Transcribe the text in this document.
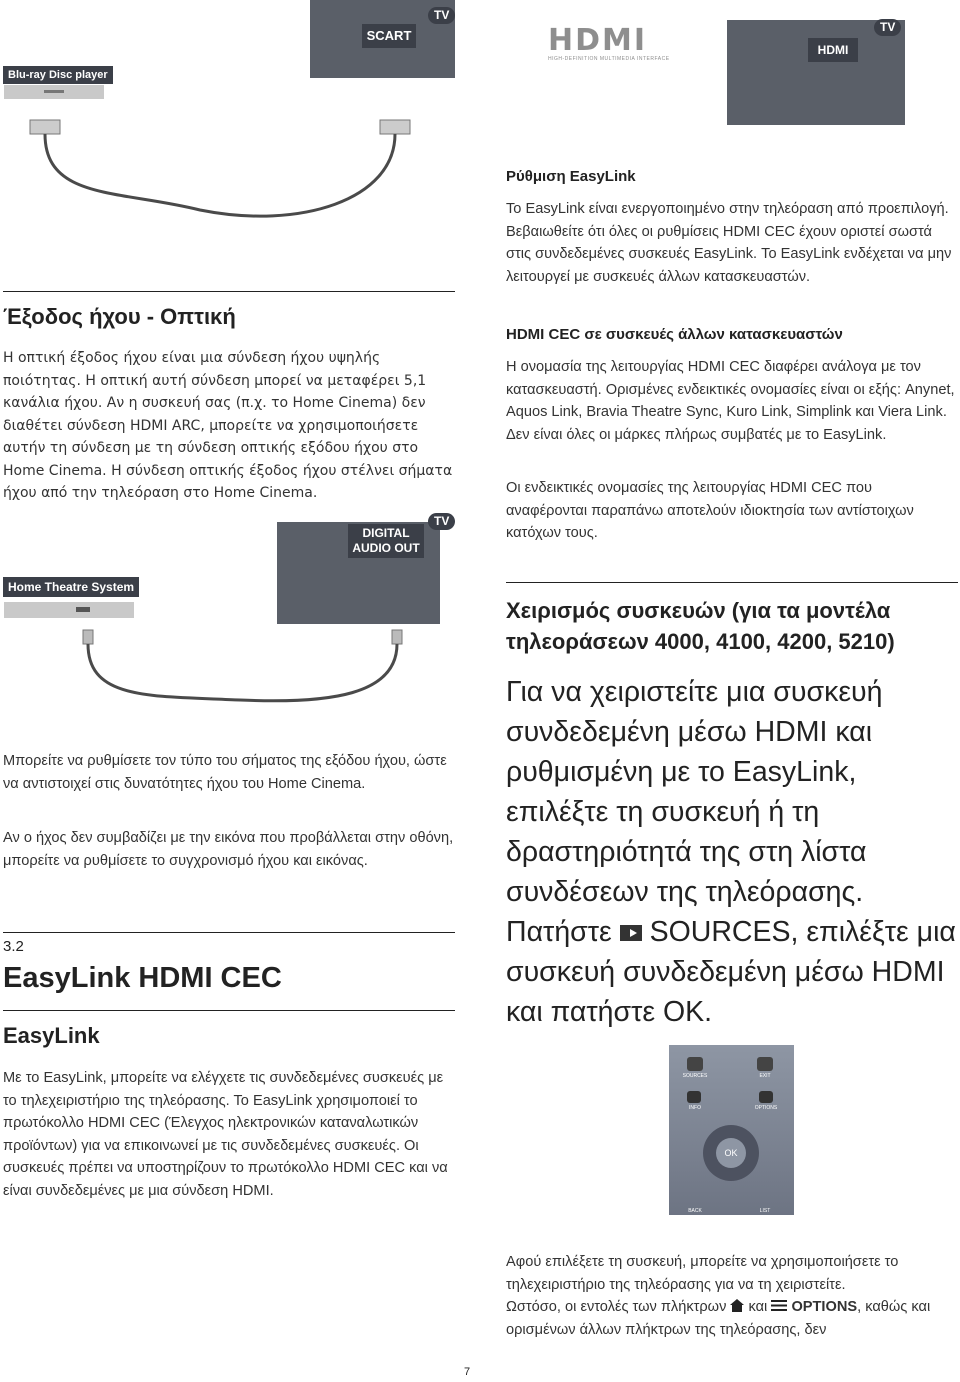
TV
SCART
Blu-ray Disc player
HDMI
HIGH-DEFINITION MULTIMEDIA INTERFACE
TV
HDMI
TV
DIGITAL
AUDIO OUT
Home Theatre System
Έξοδος ήχου - Οπτική

Η οπτική έξοδος ήχου είναι μια σύνδεση ήχου υψηλής ποιότητας. Η οπτική αυτή σύνδεση μπορεί να μεταφέρει 5,1 κανάλια ήχου. Αν η συσκευή σας (π.χ. το Home Cinema) δεν διαθέτει σύνδεση HDMI ARC, μπορείτε να χρησιμοποιήσετε αυτήν τη σύνδεση με τη σύνδεση οπτικής εξόδου ήχου στο Home Cinema. Η σύνδεση οπτικής έξοδος ήχου στέλνει σήματα ήχου από την τηλεόραση στο Home Cinema.

Μπορείτε να ρυθμίσετε τον τύπο του σήματος της εξόδου ήχου, ώστε να αντιστοιχεί στις δυνατότητες ήχου του Home Cinema.

Αν ο ήχος δεν συμβαδίζει με την εικόνα που προβάλλεται στην οθόνη, μπορείτε να ρυθμίσετε το συγχρονισμό ήχου και εικόνας.

3.2
EasyLink HDMI CEC
EasyLink

Με το EasyLink, μπορείτε να ελέγχετε τις συνδεδεμένες συσκευές με το τηλεχειριστήριο της τηλεόρασης. Το EasyLink χρησιμοποιεί το πρωτόκολλο HDMI CEC (Έλεγχος ηλεκτρονικών καταναλωτικών προϊόντων) για να επικοινωνεί με τις συνδεδεμένες συσκευές. Οι συσκευές πρέπει να υποστηρίζουν το πρωτόκολλο HDMI CEC και να είναι συνδεδεμένες με μια σύνδεση HDMI.

Ρύθμιση EasyLink

Το EasyLink είναι ενεργοποιημένο στην τηλεόραση από προεπιλογή. Βεβαιωθείτε ότι όλες οι ρυθμίσεις HDMI CEC έχουν οριστεί σωστά στις συνδεδεμένες συσκευές EasyLink. Το EasyLink ενδέχεται να μην λειτουργεί με συσκευές άλλων κατασκευαστών.

HDMI CEC σε συσκευές άλλων κατασκευαστών

Η ονομασία της λειτουργίας HDMI CEC διαφέρει ανάλογα με τον κατασκευαστή. Ορισμένες ενδεικτικές ονομασίες είναι οι εξής: Anynet, Aquos Link, Bravia Theatre Sync, Kuro Link, Simplink και Viera Link. Δεν είναι όλες οι μάρκες πλήρως συμβατές με το EasyLink.

Οι ενδεικτικές ονομασίες της λειτουργίας HDMI CEC που αναφέρονται παραπάνω αποτελούν ιδιοκτησία των αντίστοιχων κατόχων τους.

Χειρισμός συσκευών (για τα μοντέλα
τηλεοράσεων 4000, 4100, 4200, 5210)

Για να χειριστείτε μια συσκευή συνδεδεμένη μέσω HDMI και ρυθμισμένη με το EasyLink, επιλέξτε τη συσκευή ή τη δραστηριότητά της στη λίστα συνδέσεων της τηλεόρασης.

Πατήστε SOURCES, επιλέξτε μια συσκευή συνδεδεμένη μέσω HDMI και πατήστε OK.

SOURCES	EXIT
INFO	OPTIONS
OK
BACK	LIST

Αφού επιλέξετε τη συσκευή, μπορείτε να χρησιμοποιήσετε το τηλεχειριστήριο της τηλεόρασης για να τη χειριστείτε.

Ωστόσο, οι εντολές των πλήκτρων και OPTIONS, καθώς και ορισμένων άλλων πλήκτρων της τηλεόρασης, δεν

7
